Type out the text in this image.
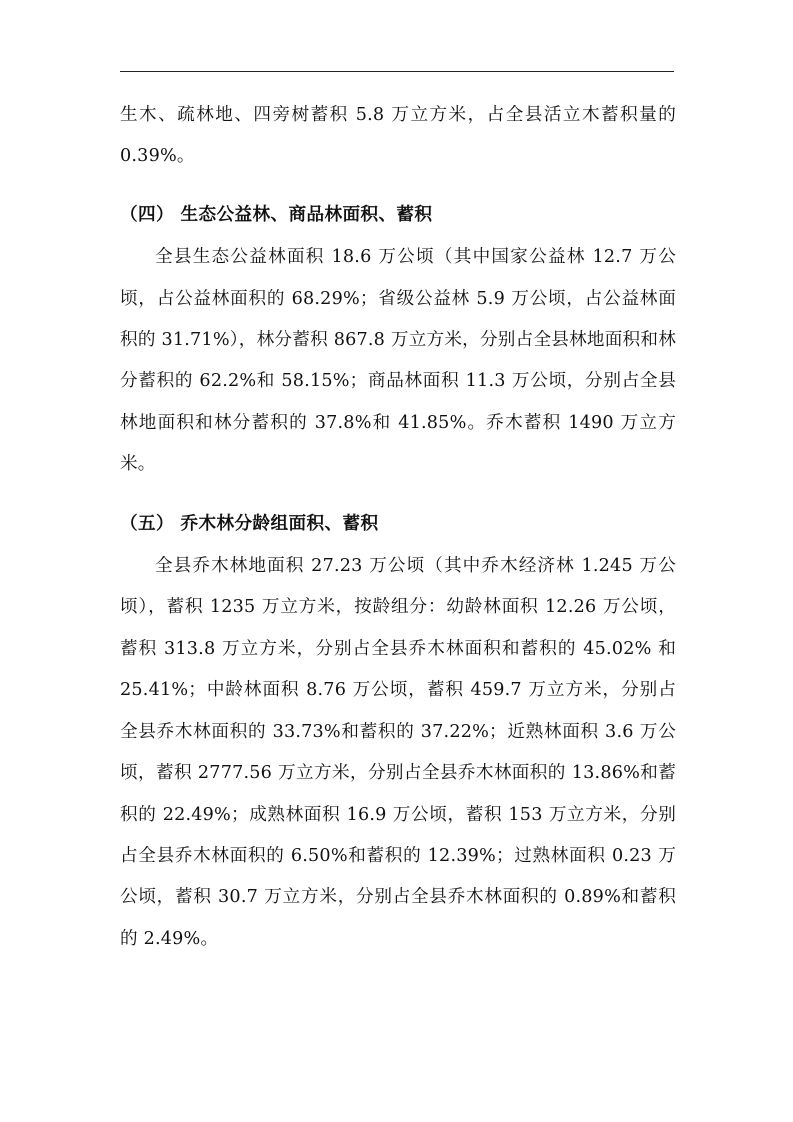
生木、疏林地、四旁树蓄积 5.8 万立方米，占全县活立木蓄积量的 0.39%。

（四） 生态公益林、商品林面积、蓄积

全县生态公益林面积 18.6 万公顷（其中国家公益林 12.7 万公顷，占公益林面积的 68.29%；省级公益林 5.9 万公顷，占公益林面积的 31.71%），林分蓄积 867.8 万立方米，分别占全县林地面积和林分蓄积的 62.2%和 58.15%；商品林面积 11.3 万公顷，分别占全县林地面积和林分蓄积的 37.8%和 41.85%。乔木蓄积 1490 万立方米。

（五） 乔木林分龄组面积、蓄积

全县乔木林地面积 27.23 万公顷（其中乔木经济林 1.245 万公顷），蓄积 1235 万立方米，按龄组分：幼龄林面积 12.26 万公顷，蓄积 313.8 万立方米，分别占全县乔木林面积和蓄积的 45.02% 和 25.41%；中龄林面积 8.76 万公顷，蓄积 459.7 万立方米，分别占全县乔木林面积的 33.73%和蓄积的 37.22%；近熟林面积 3.6 万公顷，蓄积 2777.56 万立方米，分别占全县乔木林面积的 13.86%和蓄积的 22.49%；成熟林面积 16.9 万公顷，蓄积 153 万立方米，分别占全县乔木林面积的 6.50%和蓄积的 12.39%；过熟林面积 0.23 万公顷，蓄积 30.7 万立方米，分别占全县乔木林面积的 0.89%和蓄积的 2.49%。
